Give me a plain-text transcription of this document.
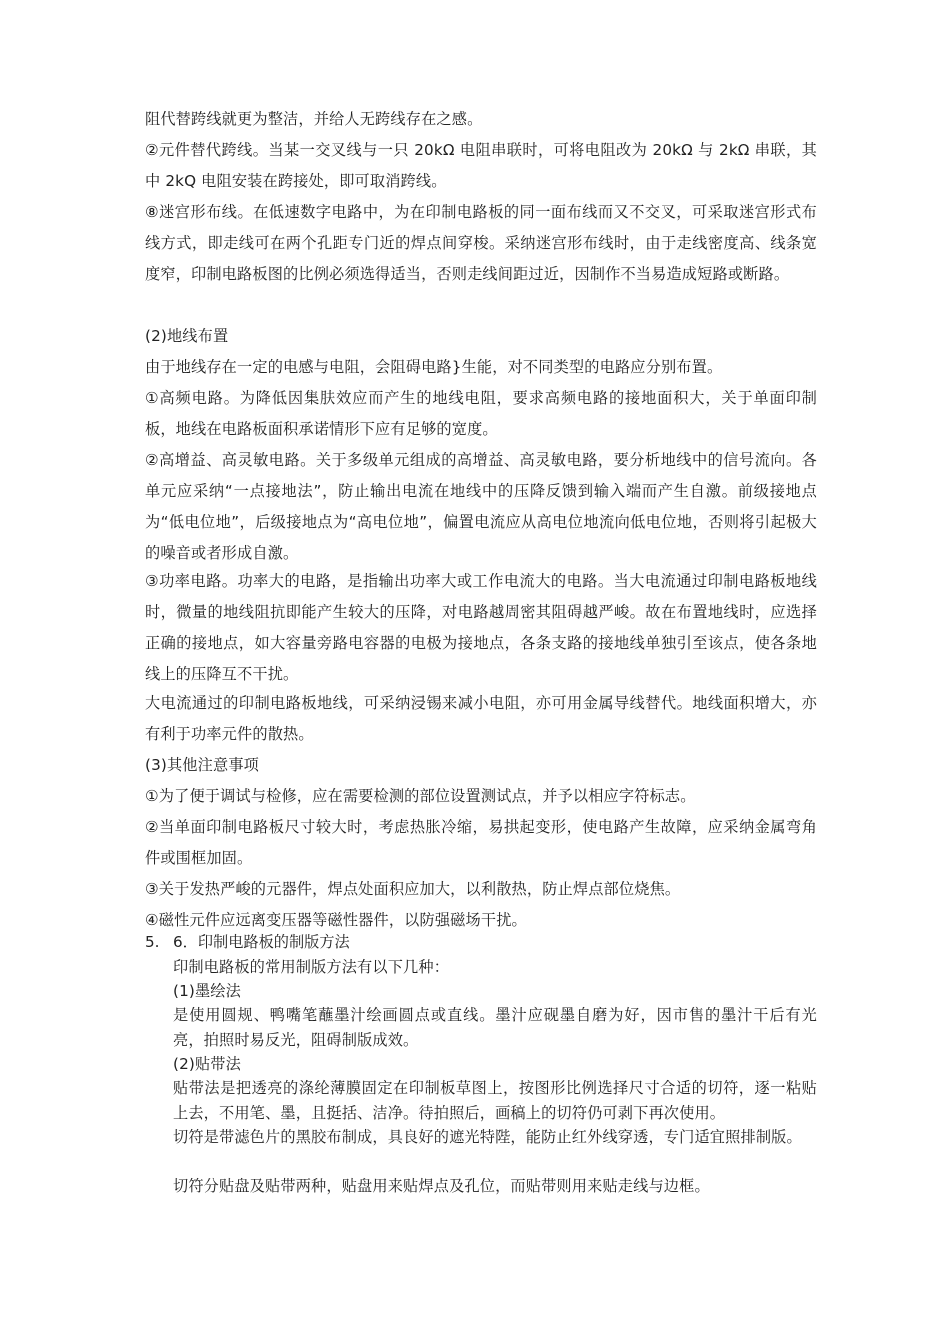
阻代替跨线就更为整洁，并给人无跨线存在之感。

②元件替代跨线。当某一交叉线与一只 20kΩ 电阻串联时，可将电阻改为 20kΩ 与 2kΩ 串联，其中 2kQ 电阻安装在跨接处，即可取消跨线。

⑧迷宫形布线。在低速数字电路中，为在印制电路板的同一面布线而又不交叉，可采取迷宫形式布线方式，即走线可在两个孔距专门近的焊点间穿梭。采纳迷宫形布线时，由于走线密度高、线条宽度窄，印制电路板图的比例必须选得适当，否则走线间距过近，因制作不当易造成短路或断路。

(2)地线布置

由于地线存在一定的电感与电阻，会阻碍电路}生能，对不同类型的电路应分别布置。

①高频电路。为降低因集肤效应而产生的地线电阻，要求高频电路的接地面积大，关于单面印制板，地线在电路板面积承诺情形下应有足够的宽度。

②高增益、高灵敏电路。关于多级单元组成的高增益、高灵敏电路，要分析地线中的信号流向。各单元应采纳“一点接地法”，防止输出电流在地线中的压降反馈到输入端而产生自激。前级接地点为“低电位地”，后级接地点为“高电位地”，偏置电流应从高电位地流向低电位地，否则将引起极大的噪音或者形成自激。

③功率电路。功率大的电路，是指输出功率大或工作电流大的电路。当大电流通过印制电路板地线时，微量的地线阻抗即能产生较大的压降，对电路越周密其阻碍越严峻。故在布置地线时，应选择正确的接地点，如大容量旁路电容器的电极为接地点，各条支路的接地线单独引至该点，使各条地线上的压降互不干扰。

大电流通过的印制电路板地线，可采纳浸锡来减小电阻，亦可用金属导线替代。地线面积增大，亦有利于功率元件的散热。

(3)其他注意事项

①为了便于调试与检修，应在需要检测的部位设置测试点，并予以相应字符标志。

②当单面印制电路板尺寸较大时，考虑热胀冷缩，易拱起变形，使电路产生故障，应采纳金属弯角件或围框加固。

③关于发热严峻的元器件，焊点处面积应加大，以利散热，防止焊点部位烧焦。

④磁性元件应远离变压器等磁性器件，以防强磁场干扰。

5. 6．印制电路板的制版方法

印制电路板的常用制版方法有以下几种：

(1)墨绘法

是使用圆规、鸭嘴笔蘸墨汁绘画圆点或直线。墨汁应砚墨自磨为好，因市售的墨汁干后有光亮，拍照时易反光，阻碍制版成效。

(2)贴带法

贴带法是把透亮的涤纶薄膜固定在印制板草图上，按图形比例选择尺寸合适的切符，逐一粘贴上去，不用笔、墨，且挺括、洁净。待拍照后，画稿上的切符仍可剥下再次使用。

切符是带滤色片的黑胶布制成，具良好的遮光特陛，能防止红外线穿透，专门适宜照排制版。

切符分贴盘及贴带两种，贴盘用来贴焊点及孔位，而贴带则用来贴走线与边框。
